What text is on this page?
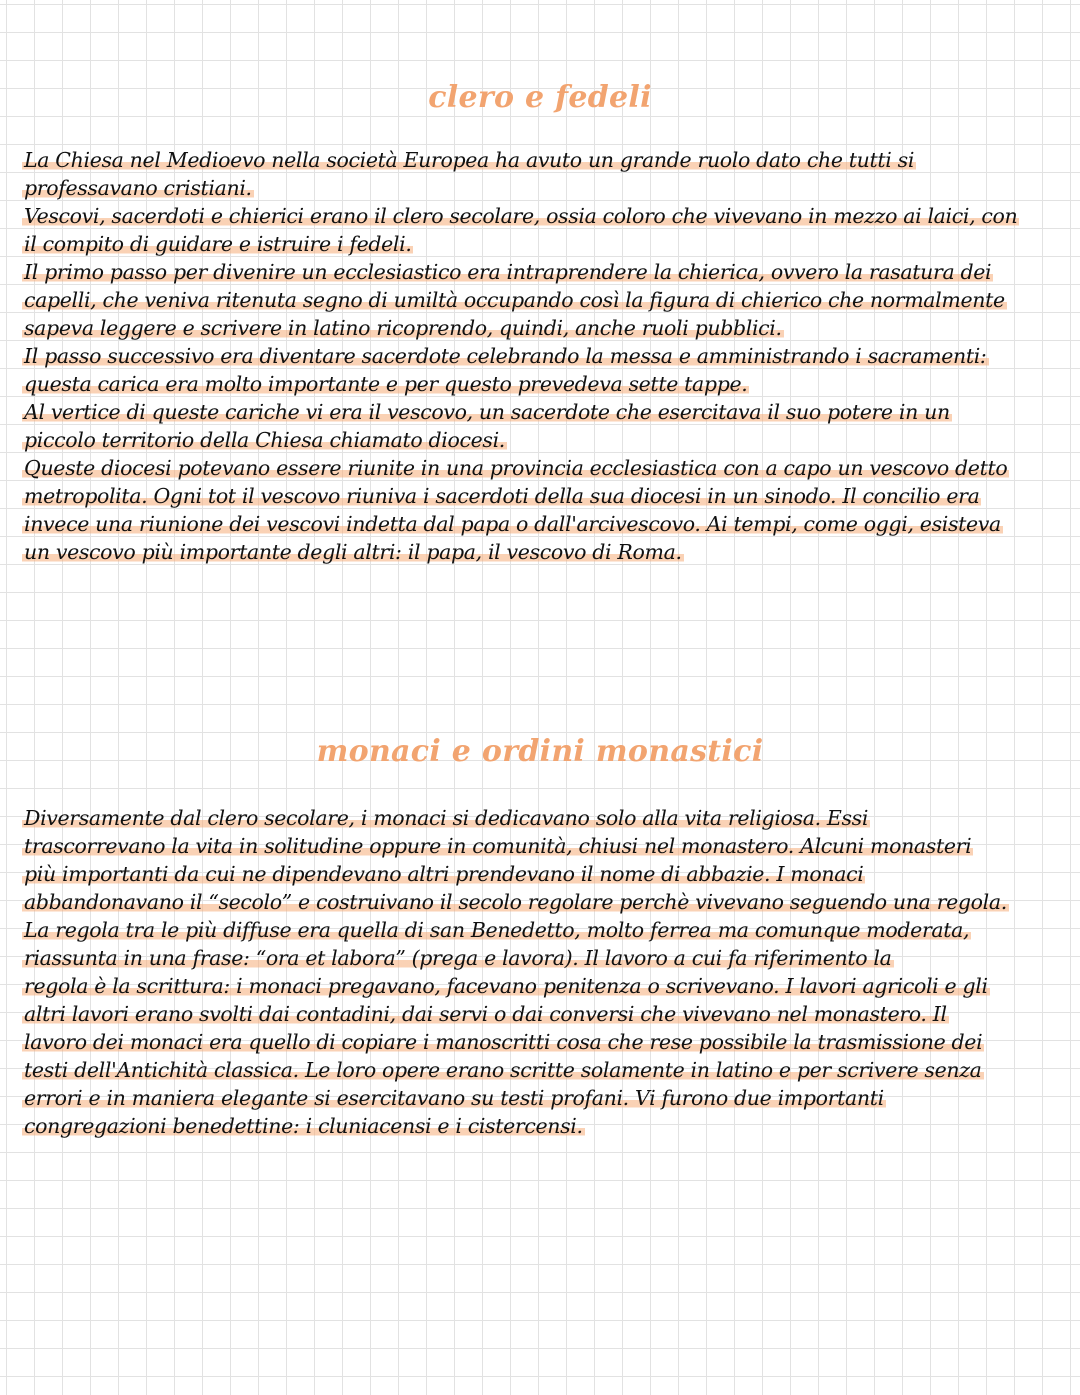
clero e fedeli
La Chiesa nel Medioevo nella società Europea ha avuto un grande ruolo dato che tutti si
professavano cristiani.
Vescovi, sacerdoti e chierici erano il clero secolare, ossia coloro che vivevano in mezzo ai laici, con
il compito di guidare e istruire i fedeli.
Il primo passo per divenire un ecclesiastico era intraprendere la chierica, ovvero la rasatura dei
capelli, che veniva ritenuta segno di umiltà occupando così la figura di chierico che normalmente
sapeva leggere e scrivere in latino ricoprendo, quindi, anche ruoli pubblici.
Il passo successivo era diventare sacerdote celebrando la messa e amministrando i sacramenti:
questa carica era molto importante e per questo prevedeva sette tappe.
Al vertice di queste cariche vi era il vescovo, un sacerdote che esercitava il suo potere in un
piccolo territorio della Chiesa chiamato diocesi.
Queste diocesi potevano essere riunite in una provincia ecclesiastica con a capo un vescovo detto
metropolita. Ogni tot il vescovo riuniva i sacerdoti della sua diocesi in un sinodo. Il concilio era
invece una riunione dei vescovi indetta dal papa o dall'arcivescovo. Ai tempi, come oggi, esisteva
un vescovo più importante degli altri: il papa, il vescovo di Roma.
monaci e ordini monastici
Diversamente dal clero secolare, i monaci si dedicavano solo alla vita religiosa. Essi
trascorrevano la vita in solitudine oppure in comunità, chiusi nel monastero. Alcuni monasteri
più importanti da cui ne dipendevano altri prendevano il nome di abbazie. I monaci
abbandonavano il “secolo” e costruivano il secolo regolare perchè vivevano seguendo una regola.
La regola tra le più diffuse era quella di san Benedetto, molto ferrea ma comunque moderata,
riassunta in una frase: “ora et labora” (prega e lavora). Il lavoro a cui fa riferimento la
regola è la scrittura: i monaci pregavano, facevano penitenza o scrivevano. I lavori agricoli e gli
altri lavori erano svolti dai contadini, dai servi o dai conversi che vivevano nel monastero. Il
lavoro dei monaci era quello di copiare i manoscritti cosa che rese possibile la trasmissione dei
testi dell'Antichità classica. Le loro opere erano scritte solamente in latino e per scrivere senza
errori e in maniera elegante si esercitavano su testi profani. Vi furono due importanti
congregazioni benedettine: i cluniacensi e i cistercensi.
